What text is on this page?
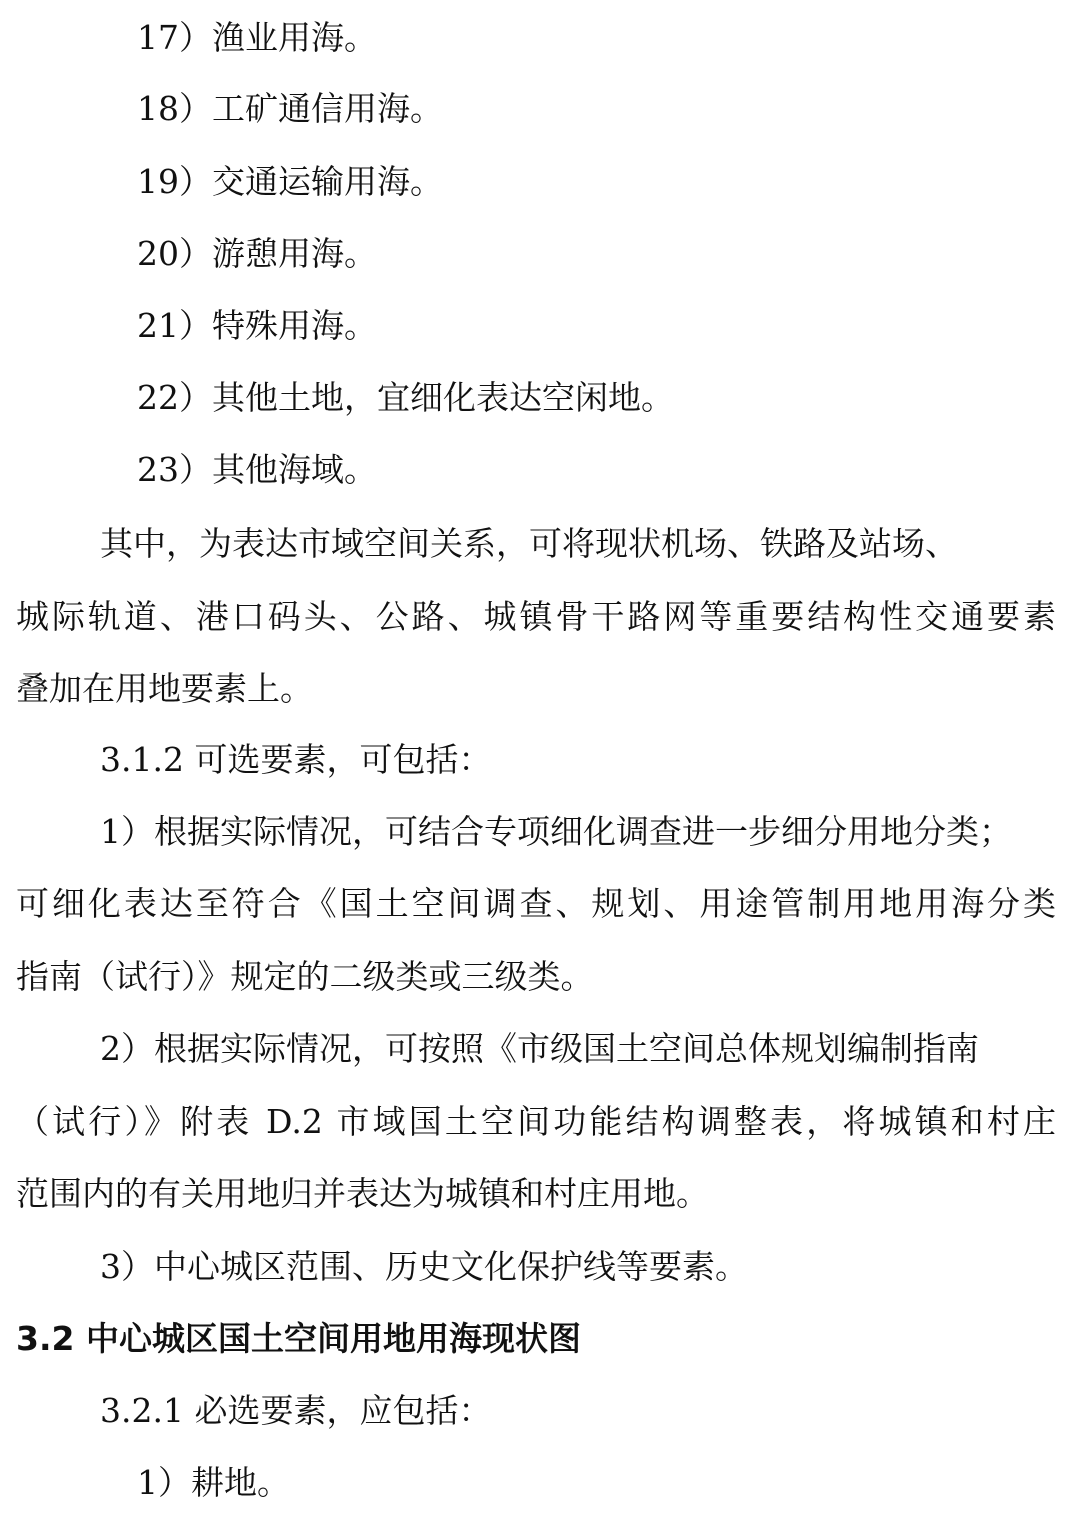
17）渔业用海。
18）工矿通信用海。
19）交通运输用海。
20）游憩用海。
21）特殊用海。
22）其他土地，宜细化表达空闲地。
23）其他海域。
其中，为表达市域空间关系，可将现状机场、铁路及站场、
城际轨道、港口码头、公路、城镇骨干路网等重要结构性交通要素
叠加在用地要素上。
3.1.2 可选要素，可包括：
1）根据实际情况，可结合专项细化调查进一步细分用地分类；
可细化表达至符合《国土空间调查、规划、用途管制用地用海分类
指南（试行）》规定的二级类或三级类。
2）根据实际情况，可按照《市级国土空间总体规划编制指南
（试行）》附表 D.2 市域国土空间功能结构调整表，将城镇和村庄
范围内的有关用地归并表达为城镇和村庄用地。
3）中心城区范围、历史文化保护线等要素。
3.2 中心城区国土空间用地用海现状图
3.2.1 必选要素，应包括：
1）耕地。
